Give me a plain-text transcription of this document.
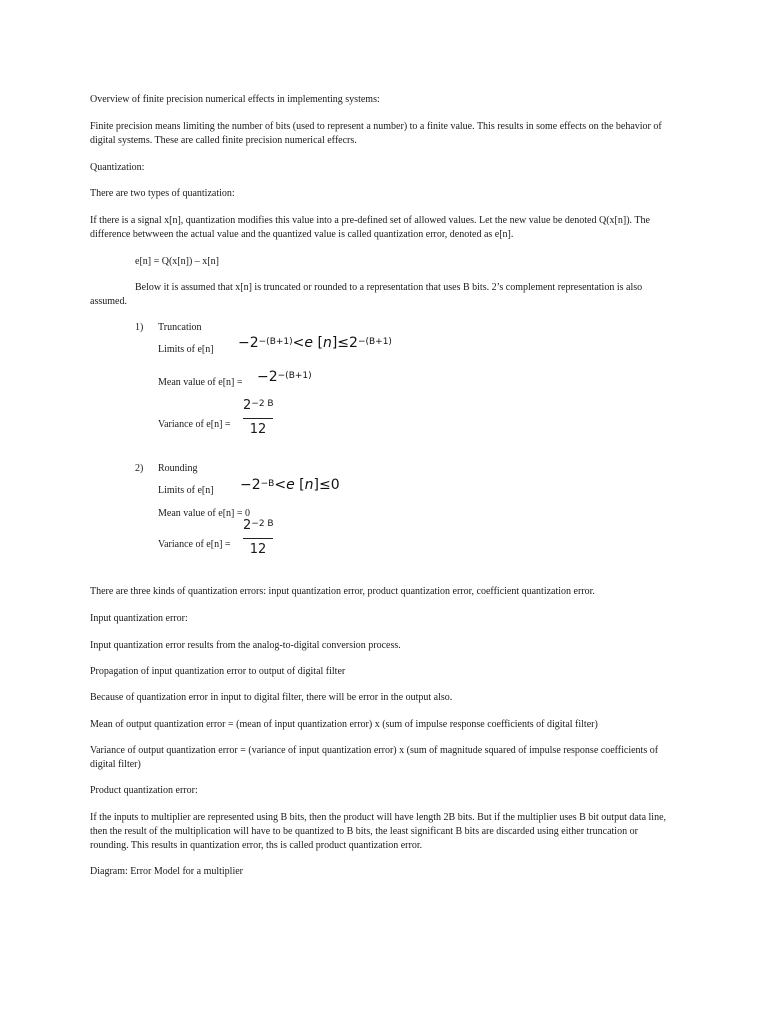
Overview of finite precision numerical effects in implementing systems:
Finite precision means limiting the number of bits (used to represent a number) to a finite value. This results in some effects on the behavior of
digital systems. These are called finite precision numerical effecrs.
Quantization:
There are two types of quantization:
If there is a signal x[n], quantization modifies this value into a pre-defined set of allowed values. Let the new value be denoted Q(x[n]). The
difference betwween the actual value and the quantized value is called quantization error, denoted as e[n].
e[n] = Q(x[n]) – x[n]
Below it is assumed that x[n] is truncated or rounded to a representation that uses B bits. 2’s complement representation is also
assumed.
1) Truncation
Limits of $e[n] -2^{-(B+1)}<e$ $[n]\le 2^{-(B+1)}$
Mean value of $e[n] = -2^{-(B+1)}$
Variance of $e[n] = \frac{2^{-2 B}}{12}$
2) Rounding
Limits of $e[n] -2^{-B}<e$ [n]≤0
Mean value of e[n] = 0
Variance of $e[n] = \frac{2^{-2 B}}{12}$
There are three kinds of quantization errors: input quantization error, product quantization error, coefficient quantization error.
Input quantization error:
Input quantization error results from the analog-to-digital conversion process.
Propagation of input quantization error to output of digital filter
Because of quantization error in input to digital filter, there will be error in the output also.
Mean of output quantization error = (mean of input quantization error) x (sum of impulse response coefficients of digital filter)
Variance of output quantization error = (variance of input quantization error) x (sum of magnitude squared of impulse response coefficients of
digital filter)
Product quantization error:
If the inputs to multiplier are represented using B bits, then the product will have length 2B bits. But if the multiplier uses B bit output data line,
then the result of the multiplication will have to be quantized to B bits, the least significant B bits are discarded using either truncation or
rounding. This results in quantization error, ths is called product quantization error.
Diagram: Error Model for a multiplier
